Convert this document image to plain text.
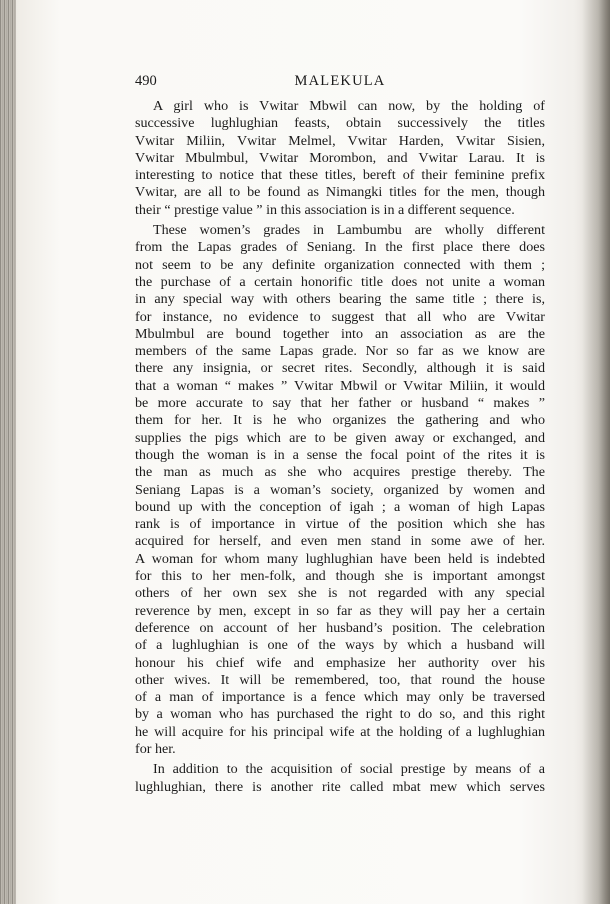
490	MALEKULA
A girl who is Vwitar Mbwil can now, by the holding of
successive lughlughian feasts, obtain successively the titles
Vwitar Miliin, Vwitar Melmel, Vwitar Harden, Vwitar Sisien,
Vwitar Mbulmbul, Vwitar Morombon, and Vwitar Larau. It is
interesting to notice that these titles, bereft of their feminine prefix
Vwitar, are all to be found as Nimangki titles for the men, though
their “ prestige value ” in this association is in a different sequence.
These women’s grades in Lambumbu are wholly different
from the Lapas grades of Seniang. In the first place there does
not seem to be any definite organization connected with them ;
the purchase of a certain honorific title does not unite a woman
in any special way with others bearing the same title ; there is,
for instance, no evidence to suggest that all who are Vwitar
Mbulmbul are bound together into an association as are the
members of the same Lapas grade. Nor so far as we know are
there any insignia, or secret rites. Secondly, although it is said
that a woman “ makes ” Vwitar Mbwil or Vwitar Miliin, it would
be more accurate to say that her father or husband “ makes ”
them for her. It is he who organizes the gathering and who
supplies the pigs which are to be given away or exchanged, and
though the woman is in a sense the focal point of the rites it is
the man as much as she who acquires prestige thereby. The
Seniang Lapas is a woman’s society, organized by women and
bound up with the conception of igah ; a woman of high Lapas
rank is of importance in virtue of the position which she has
acquired for herself, and even men stand in some awe of her.
A woman for whom many lughlughian have been held is indebted
for this to her men-folk, and though she is important amongst
others of her own sex she is not regarded with any special
reverence by men, except in so far as they will pay her a certain
deference on account of her husband’s position. The celebration
of a lughlughian is one of the ways by which a husband will
honour his chief wife and emphasize her authority over his
other wives. It will be remembered, too, that round the house
of a man of importance is a fence which may only be traversed
by a woman who has purchased the right to do so, and this right
he will acquire for his principal wife at the holding of a lughlughian
for her.
In addition to the acquisition of social prestige by means of a
lughlughian, there is another rite called mbat mew which serves
